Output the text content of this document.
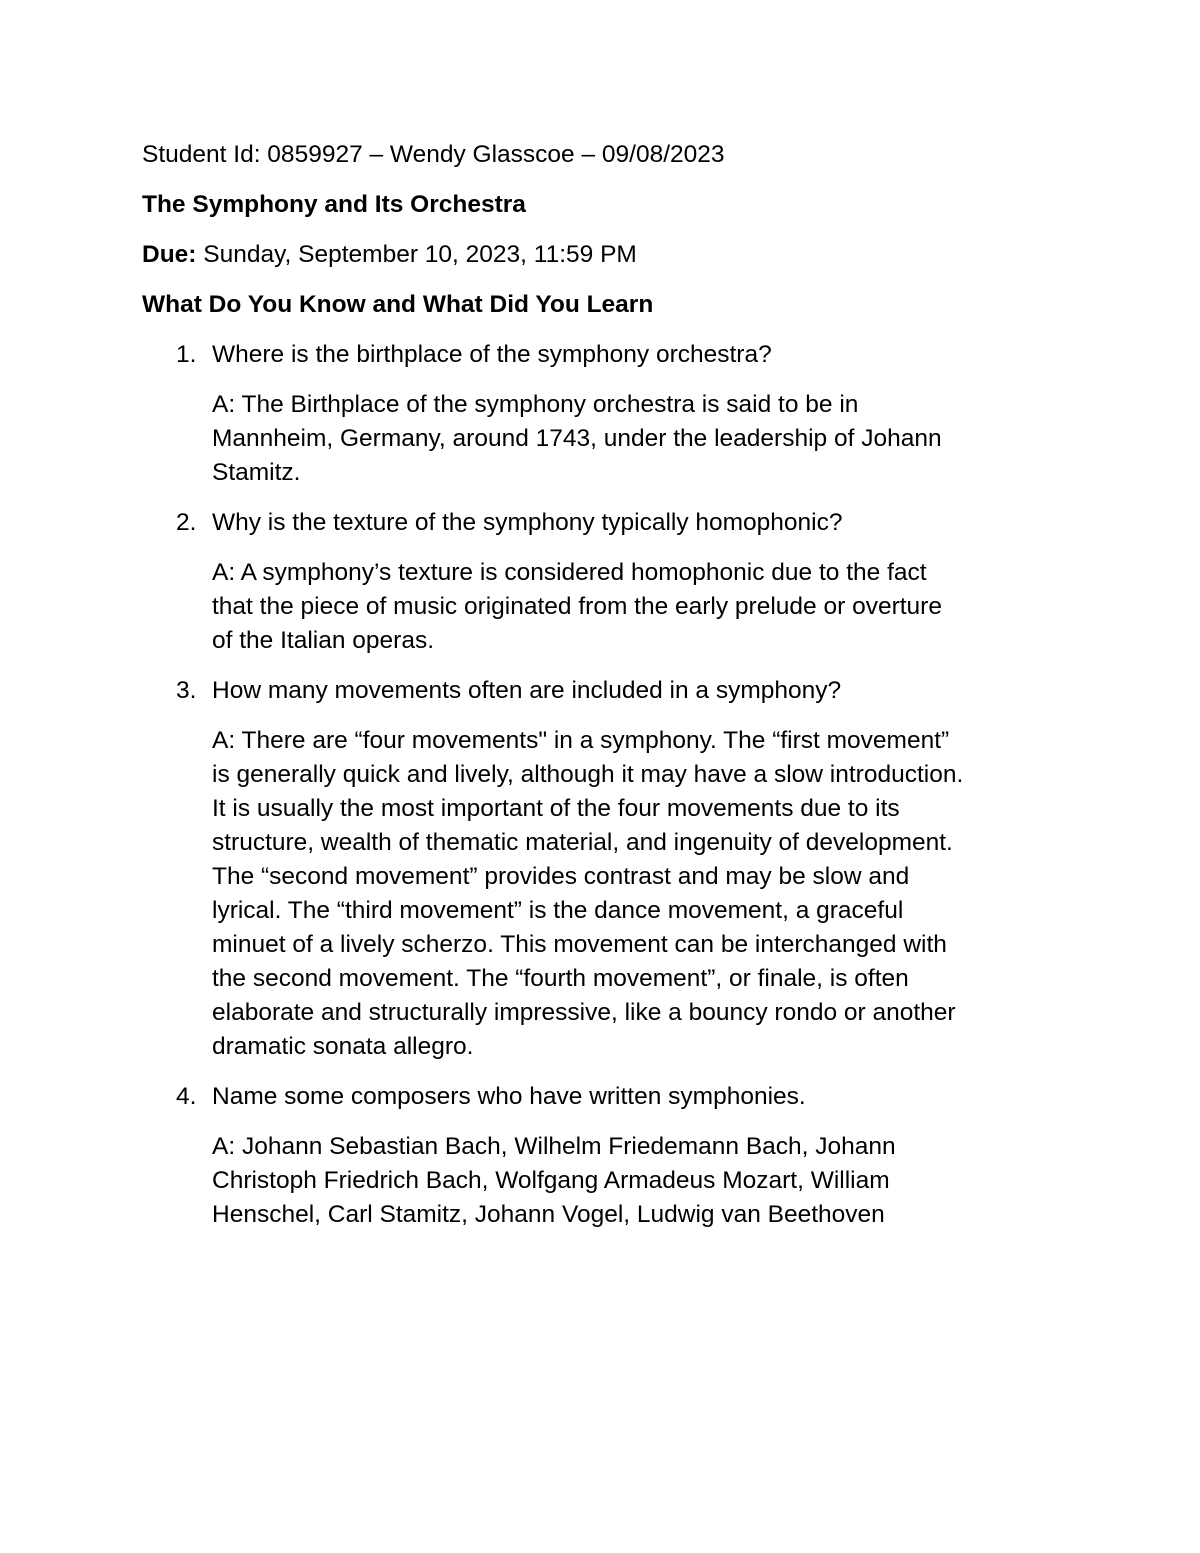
Student Id: 0859927 – Wendy Glasscoe – 09/08/2023
The Symphony and Its Orchestra
Due: Sunday, September 10, 2023, 11:59 PM
What Do You Know and What Did You Learn
1. Where is the birthplace of the symphony orchestra?
A: The Birthplace of the symphony orchestra is said to be in
Mannheim, Germany, around 1743, under the leadership of Johann
Stamitz.
2. Why is the texture of the symphony typically homophonic?
A: A symphony’s texture is considered homophonic due to the fact
that the piece of music originated from the early prelude or overture
of the Italian operas.
3. How many movements often are included in a symphony?
A: There are “four movements" in a symphony. The “first movement”
is generally quick and lively, although it may have a slow introduction.
It is usually the most important of the four movements due to its
structure, wealth of thematic material, and ingenuity of development.
The “second movement” provides contrast and may be slow and
lyrical. The “third movement” is the dance movement, a graceful
minuet of a lively scherzo. This movement can be interchanged with
the second movement. The “fourth movement”, or finale, is often
elaborate and structurally impressive, like a bouncy rondo or another
dramatic sonata allegro.
4. Name some composers who have written symphonies.
A: Johann Sebastian Bach, Wilhelm Friedemann Bach, Johann
Christoph Friedrich Bach, Wolfgang Armadeus Mozart, William
Henschel, Carl Stamitz, Johann Vogel, Ludwig van Beethoven
